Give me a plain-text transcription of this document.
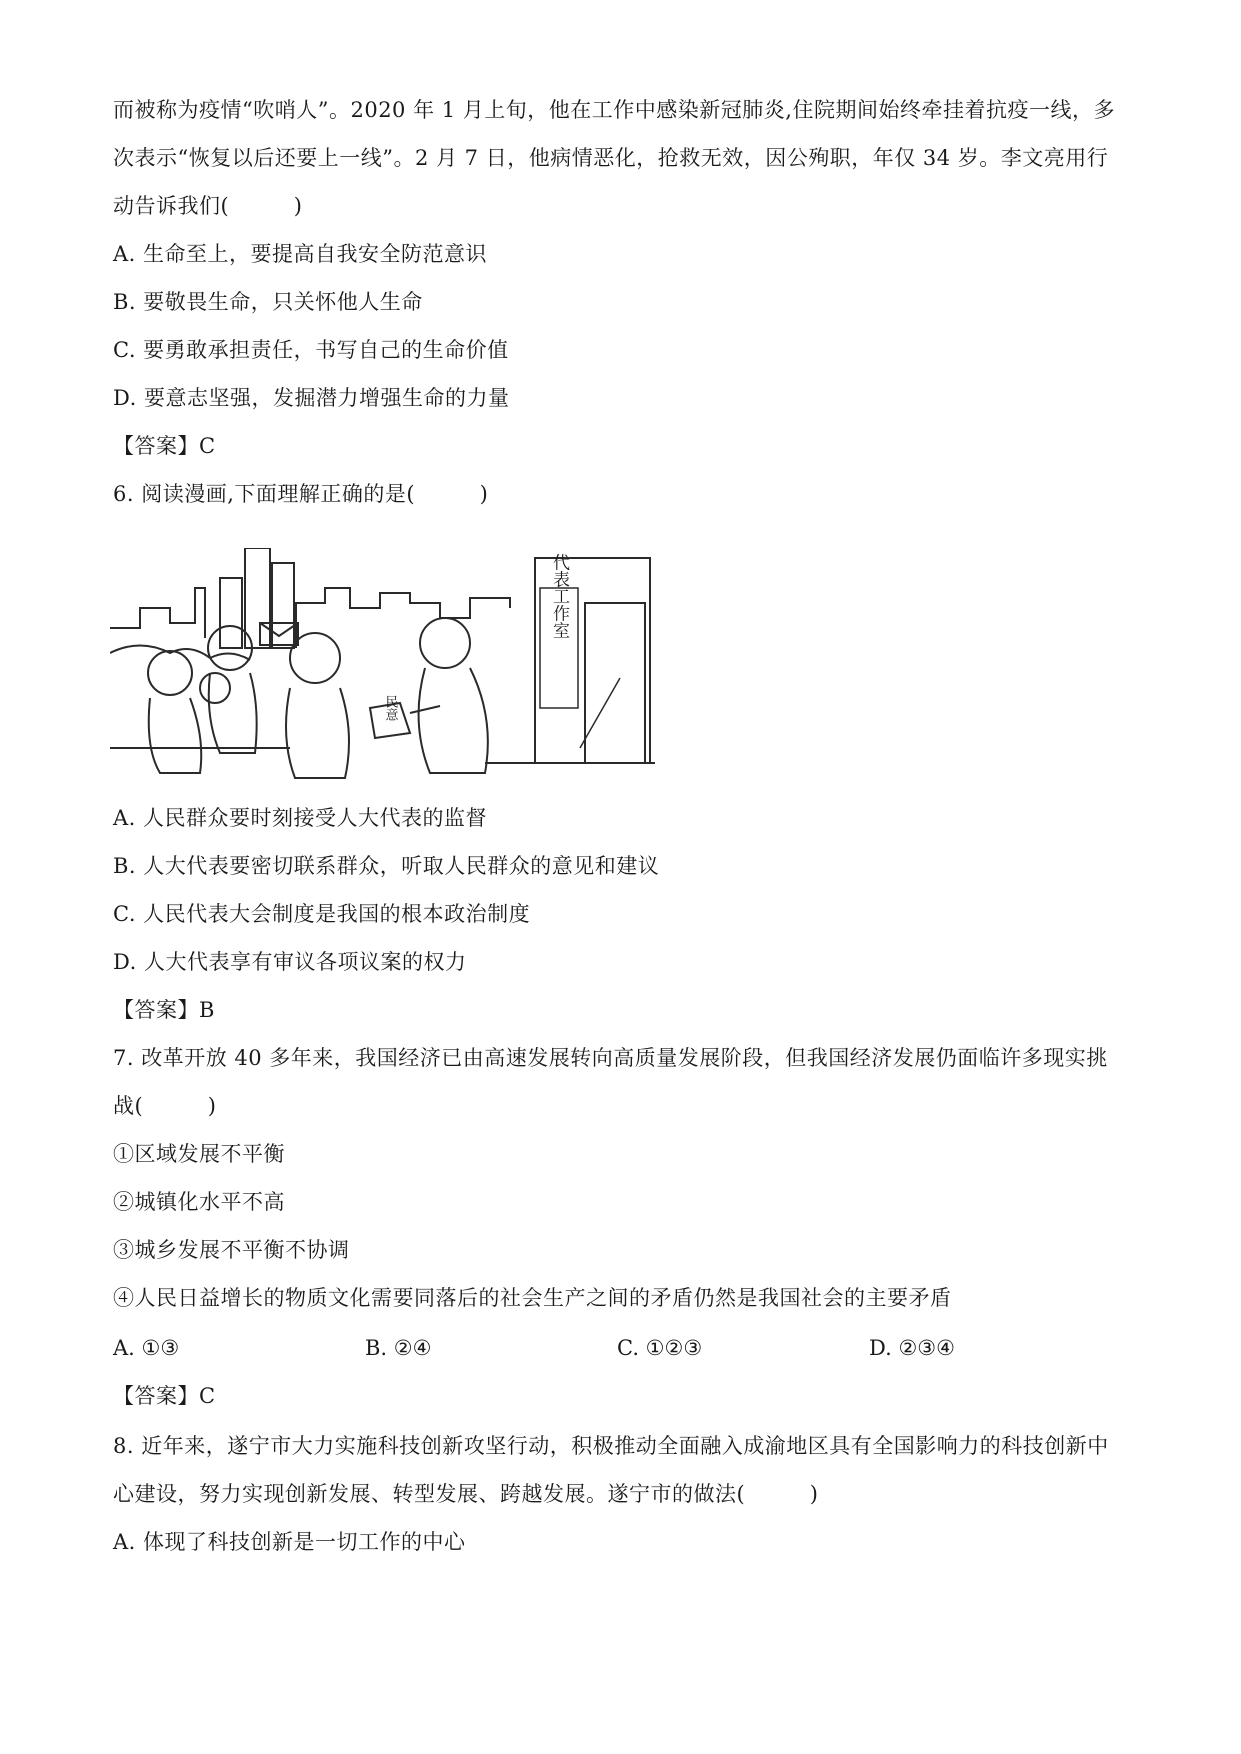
而被称为疫情“吹哨人”。2020 年 1 月上旬，他在工作中感染新冠肺炎,住院期间始终牵挂着抗疫一线，多
次表示“恢复以后还要上一线”。2 月 7 日，他病情恶化，抢救无效，因公殉职，年仅 34 岁。李文亮用行
动告诉我们(　　　)
A. 生命至上，要提高自我安全防范意识
B. 要敬畏生命，只关怀他人生命
C. 要勇敢承担责任，书写自己的生命价值
D. 要意志坚强，发掘潜力增强生命的力量
【答案】C
6. 阅读漫画,下面理解正确的是(　　　)
代表工作室
民意
A. 人民群众要时刻接受人大代表的监督
B. 人大代表要密切联系群众，听取人民群众的意见和建议
C. 人民代表大会制度是我国的根本政治制度
D. 人大代表享有审议各项议案的权力
【答案】B
7. 改革开放 40 多年来，我国经济已由高速发展转向高质量发展阶段，但我国经济发展仍面临许多现实挑
战(　　　)
①区域发展不平衡
②城镇化水平不高
③城乡发展不平衡不协调
④人民日益增长的物质文化需要同落后的社会生产之间的矛盾仍然是我国社会的主要矛盾
A. ①③	B. ②④	C. ①②③	D. ②③④
【答案】C
8. 近年来，遂宁市大力实施科技创新攻坚行动，积极推动全面融入成渝地区具有全国影响力的科技创新中
心建设，努力实现创新发展、转型发展、跨越发展。遂宁市的做法(　　　)
A. 体现了科技创新是一切工作的中心
